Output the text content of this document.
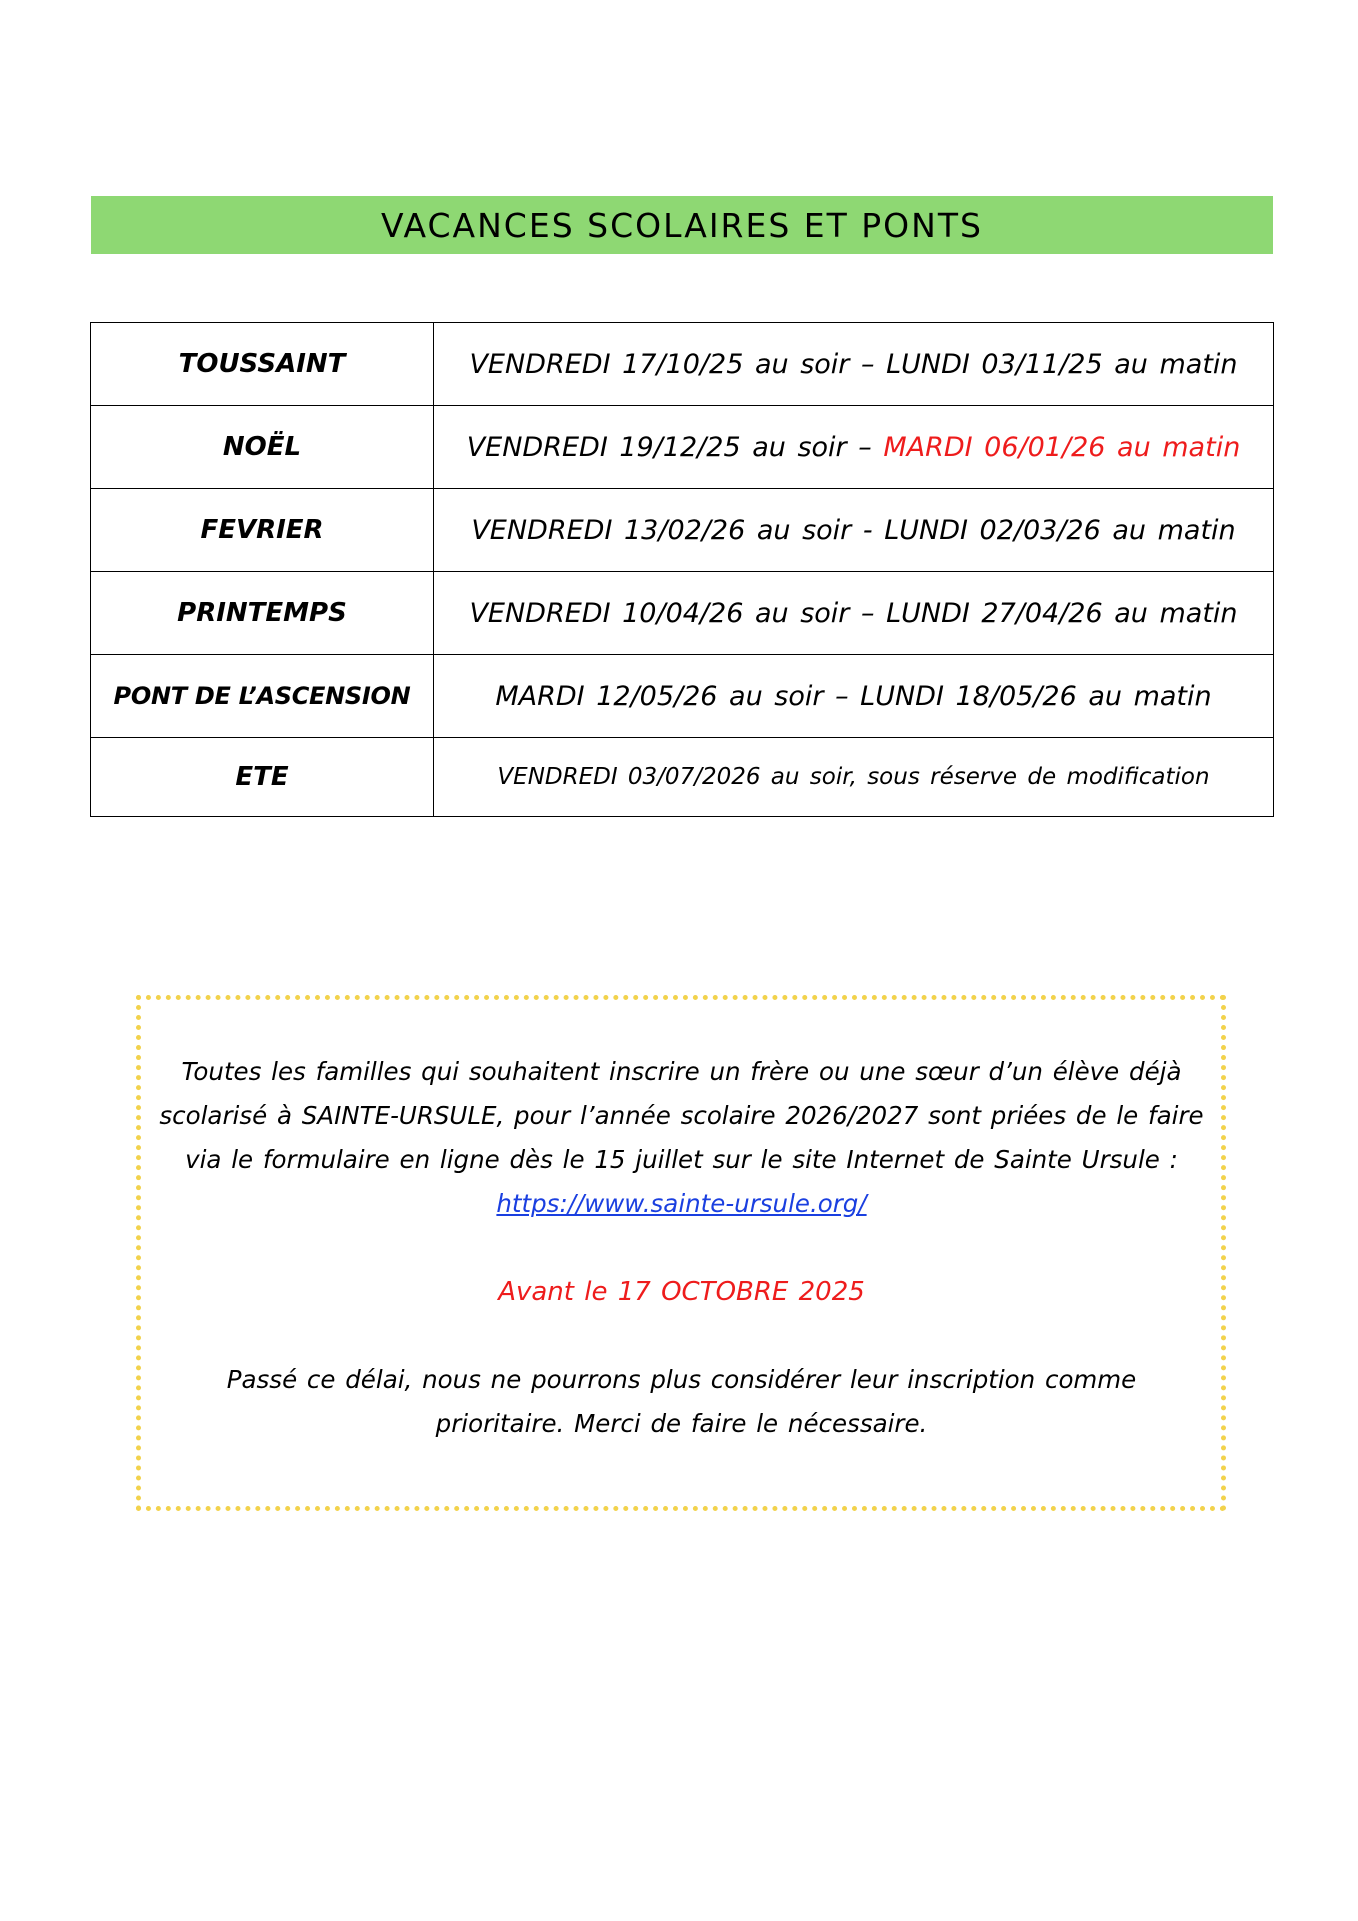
VACANCES SCOLAIRES ET PONTS
TOUSSAINT	VENDREDI 17/10/25 au soir – LUNDI 03/11/25 au matin
NOËL	VENDREDI 19/12/25 au soir – MARDI 06/01/26 au matin
FEVRIER	VENDREDI 13/02/26 au soir - LUNDI 02/03/26 au matin
PRINTEMPS	VENDREDI 10/04/26 au soir – LUNDI 27/04/26 au matin
PONT DE L’ASCENSION	MARDI 12/05/26 au soir – LUNDI 18/05/26 au matin
ETE	VENDREDI 03/07/2026 au soir, sous réserve de modification

Toutes les familles qui souhaitent inscrire un frère ou une sœur d’un élève déjà scolarisé à SAINTE-URSULE, pour l’année scolaire 2026/2027 sont priées de le faire via le formulaire en ligne dès le 15 juillet sur le site Internet de Sainte Ursule : https://www.sainte-ursule.org/

Avant le 17 OCTOBRE 2025

Passé ce délai, nous ne pourrons plus considérer leur inscription comme prioritaire. Merci de faire le nécessaire.
